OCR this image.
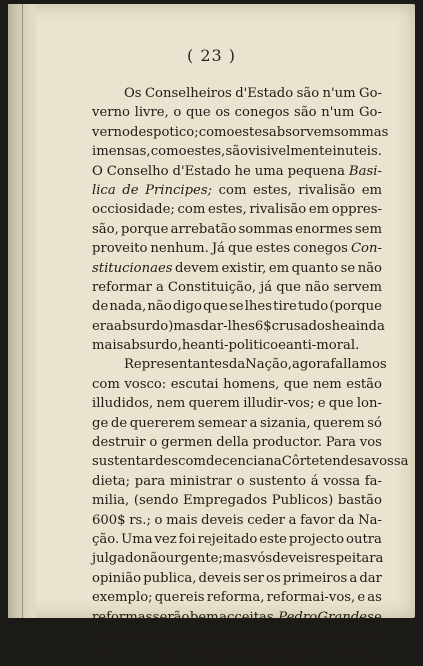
( 23 )
Os Conselheiros d'Estado são n'um Go-
verno livre, o que os conegos são n'um Go-
verno despotico; como estes absorvem sommas
imensas, como estes, são visivelmente inuteis.
O Conselho d'Estado he uma pequena Basi-
lica de Principes; com estes, rivalisão em
occiosidade; com estes, rivalisão em oppres-
são, porque arrebatão sommas enormes sem
proveito nenhum. Já que estes conegos Con-
stitucionaes devem existir, em quanto se não
reformar a Constituição, já que não servem
de nada, não digo que se lhes tire tudo (porque
era absurdo) mas dar-lhes 6$ crusados he ainda
mais absurdo, he anti-politico e anti-moral.
Representantes da Nação, agora fallamos
com vosco: escutai homens, que nem estão
illudidos, nem querem illudir-vos; e que lon-
ge de quererem semear a sizania, querem só
destruir o germen della productor. Para vos
sustentardes com decencia na Côrte tendes a vossa
dieta; para ministrar o sustento á vossa fa-
milia, (sendo Empregados Publicos) bastão
600$ rs.; o mais deveis ceder a favor da Na-
ção. Uma vez foi rejeitado este projecto outra
julgado não urgente; mas vós deveis respeitar a
opinião publica, deveis ser os primeiros a dar
exemplo; quereis reforma, reformai-vos, e as
reformas serão bem acceitas. Pedro Grande se
quiz civilizar os incultos povos da Russia foi o
primeiro a fazer os maiores sacrificios. O Amigo
